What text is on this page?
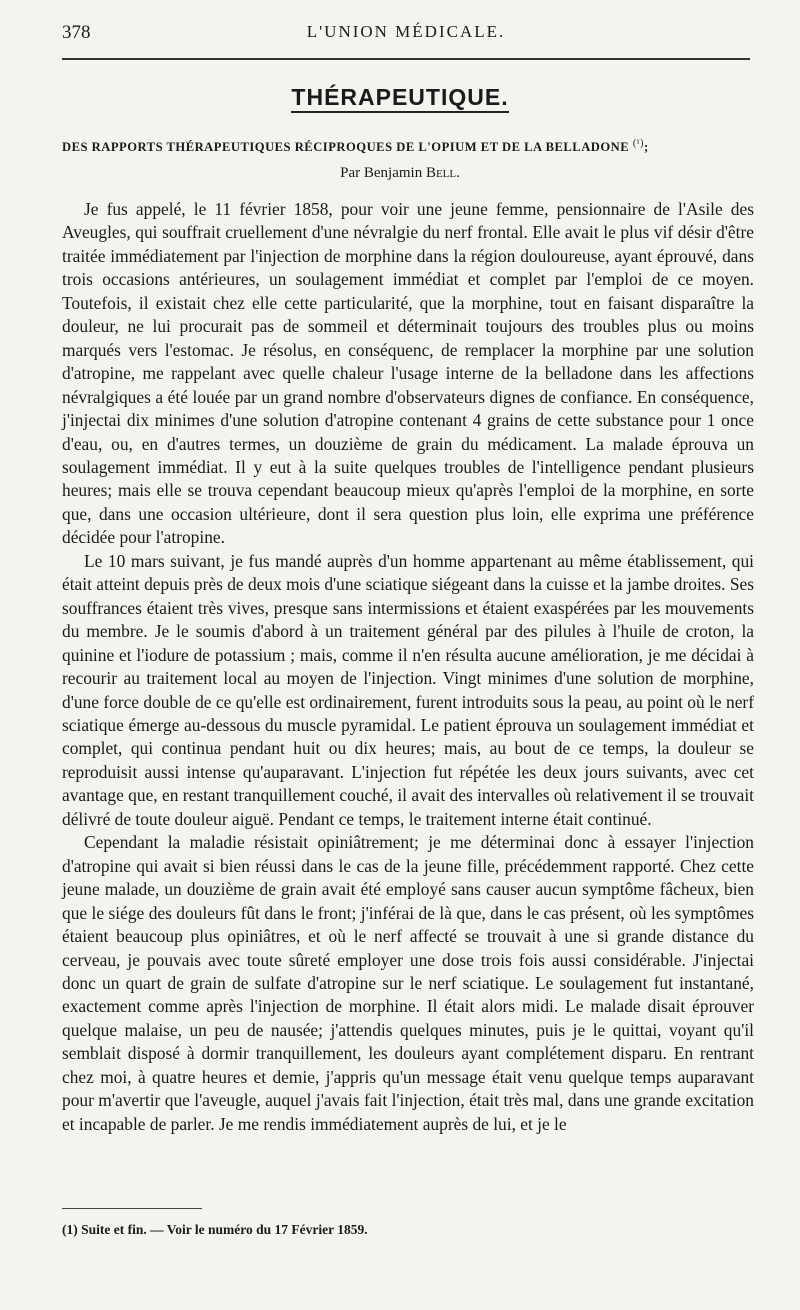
378	L'UNION MÉDICALE.
THÉRAPEUTIQUE.
DES RAPPORTS THÉRAPEUTIQUES RÉCIPROQUES DE L'OPIUM ET DE LA BELLADONE $^{(^1)}$;
Par Benjamin Bell.

Je fus appelé, le 11 février 1858, pour voir une jeune femme, pensionnaire de l'Asile des Aveugles, qui souffrait cruellement d'une névralgie du nerf frontal. Elle avait le plus vif désir d'être traitée immédiatement par l'injection de morphine dans la région douloureuse, ayant éprouvé, dans trois occasions antérieures, un soulagement immédiat et complet par l'emploi de ce moyen. Toutefois, il existait chez elle cette particularité, que la morphine, tout en faisant disparaître la douleur, ne lui procurait pas de sommeil et déterminait toujours des troubles plus ou moins marqués vers l'estomac. Je résolus, en conséquenc, de remplacer la morphine par une solution d'atropine, me rappelant avec quelle chaleur l'usage interne de la belladone dans les affections névralgiques a été louée par un grand nombre d'observateurs dignes de confiance. En conséquence, j'injectai dix minimes d'une solution d'atropine contenant 4 grains de cette substance pour 1 once d'eau, ou, en d'autres termes, un douzième de grain du médicament. La malade éprouva un soulagement immédiat. Il y eut à la suite quelques troubles de l'intelligence pendant plusieurs heures; mais elle se trouva cependant beaucoup mieux qu'après l'emploi de la morphine, en sorte que, dans une occasion ultérieure, dont il sera question plus loin, elle exprima une préférence décidée pour l'atropine.

Le 10 mars suivant, je fus mandé auprès d'un homme appartenant au même établissement, qui était atteint depuis près de deux mois d'une sciatique siégeant dans la cuisse et la jambe droites. Ses souffrances étaient très vives, presque sans intermissions et étaient exaspérées par les mouvements du membre. Je le soumis d'abord à un traitement général par des pilules à l'huile de croton, la quinine et l'iodure de potassium ; mais, comme il n'en résulta aucune amélioration, je me décidai à recourir au traitement local au moyen de l'injection. Vingt minimes d'une solution de morphine, d'une force double de ce qu'elle est ordinairement, furent introduits sous la peau, au point où le nerf sciatique émerge au-dessous du muscle pyramidal. Le patient éprouva un soulagement immédiat et complet, qui continua pendant huit ou dix heures; mais, au bout de ce temps, la douleur se reproduisit aussi intense qu'auparavant. L'injection fut répétée les deux jours suivants, avec cet avantage que, en restant tranquillement couché, il avait des intervalles où relativement il se trouvait délivré de toute douleur aiguë. Pendant ce temps, le traitement interne était continué.

Cependant la maladie résistait opiniâtrement; je me déterminai donc à essayer l'injection d'atropine qui avait si bien réussi dans le cas de la jeune fille, précédemment rapporté. Chez cette jeune malade, un douzième de grain avait été employé sans causer aucun symptôme fâcheux, bien que le siége des douleurs fût dans le front; j'inférai de là que, dans le cas présent, où les symptômes étaient beaucoup plus opiniâtres, et où le nerf affecté se trouvait à une si grande distance du cerveau, je pouvais avec toute sûreté employer une dose trois fois aussi considérable. J'injectai donc un quart de grain de sulfate d'atropine sur le nerf sciatique. Le soulagement fut instantané, exactement comme après l'injection de morphine. Il était alors midi. Le malade disait éprouver quelque malaise, un peu de nausée; j'attendis quelques minutes, puis je le quittai, voyant qu'il semblait disposé à dormir tranquillement, les douleurs ayant complétement disparu. En rentrant chez moi, à quatre heures et demie, j'appris qu'un message était venu quelque temps auparavant pour m'avertir que l'aveugle, auquel j'avais fait l'injection, était très mal, dans une grande excitation et incapable de parler. Je me rendis immédiatement auprès de lui, et je le

(1) Suite et fin. — Voir le numéro du 17 Février 1859.
